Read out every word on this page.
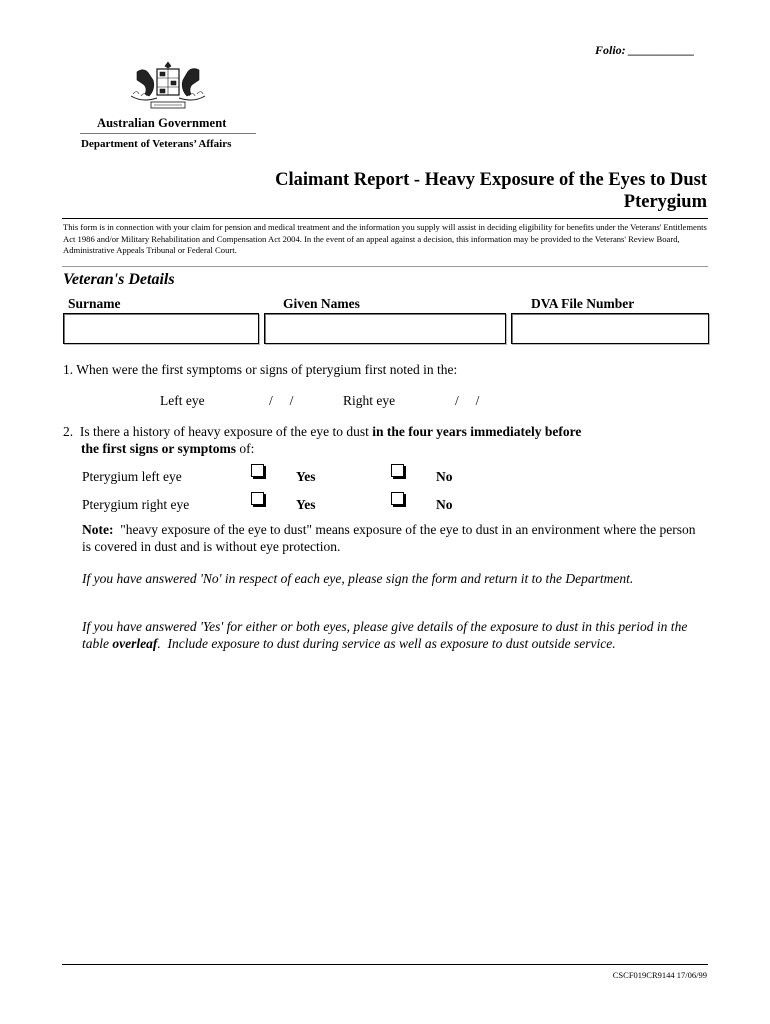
Folio: ___________
Australian Government
Department of Veterans’ Affairs
Claimant Report - Heavy Exposure of the Eyes to Dust
Pterygium
This form is in connection with your claim for pension and medical treatment and the information you supply will assist in deciding eligibility for benefits under the Veterans' Entitlements Act 1986 and/or Military Rehabilitation and Compensation Act 2004. In the event of an appeal against a decision, this information may be provided to the Veterans' Review Board, Administrative Appeals Tribunal or Federal Court.
Veteran's Details
Surname	Given Names	DVA File Number
1. When were the first symptoms or signs of pterygium first noted in the:
Left eye	/     /	Right eye	/     /
2.  Is there a history of heavy exposure of the eye to dust in the four years immediately before
the first signs or symptoms of:
Pterygium left eye	Yes	No
Pterygium right eye	Yes	No
Note:  "heavy exposure of the eye to dust" means exposure of the eye to dust in an environment where the person is covered in dust and is without eye protection.
If you have answered 'No' in respect of each eye, please sign the form and return it to the Department.
If you have answered 'Yes' for either or both eyes, please give details of the exposure to dust in this period in the table overleaf.  Include exposure to dust during service as well as exposure to dust outside service.
CSCF019CR9144 17/06/99
